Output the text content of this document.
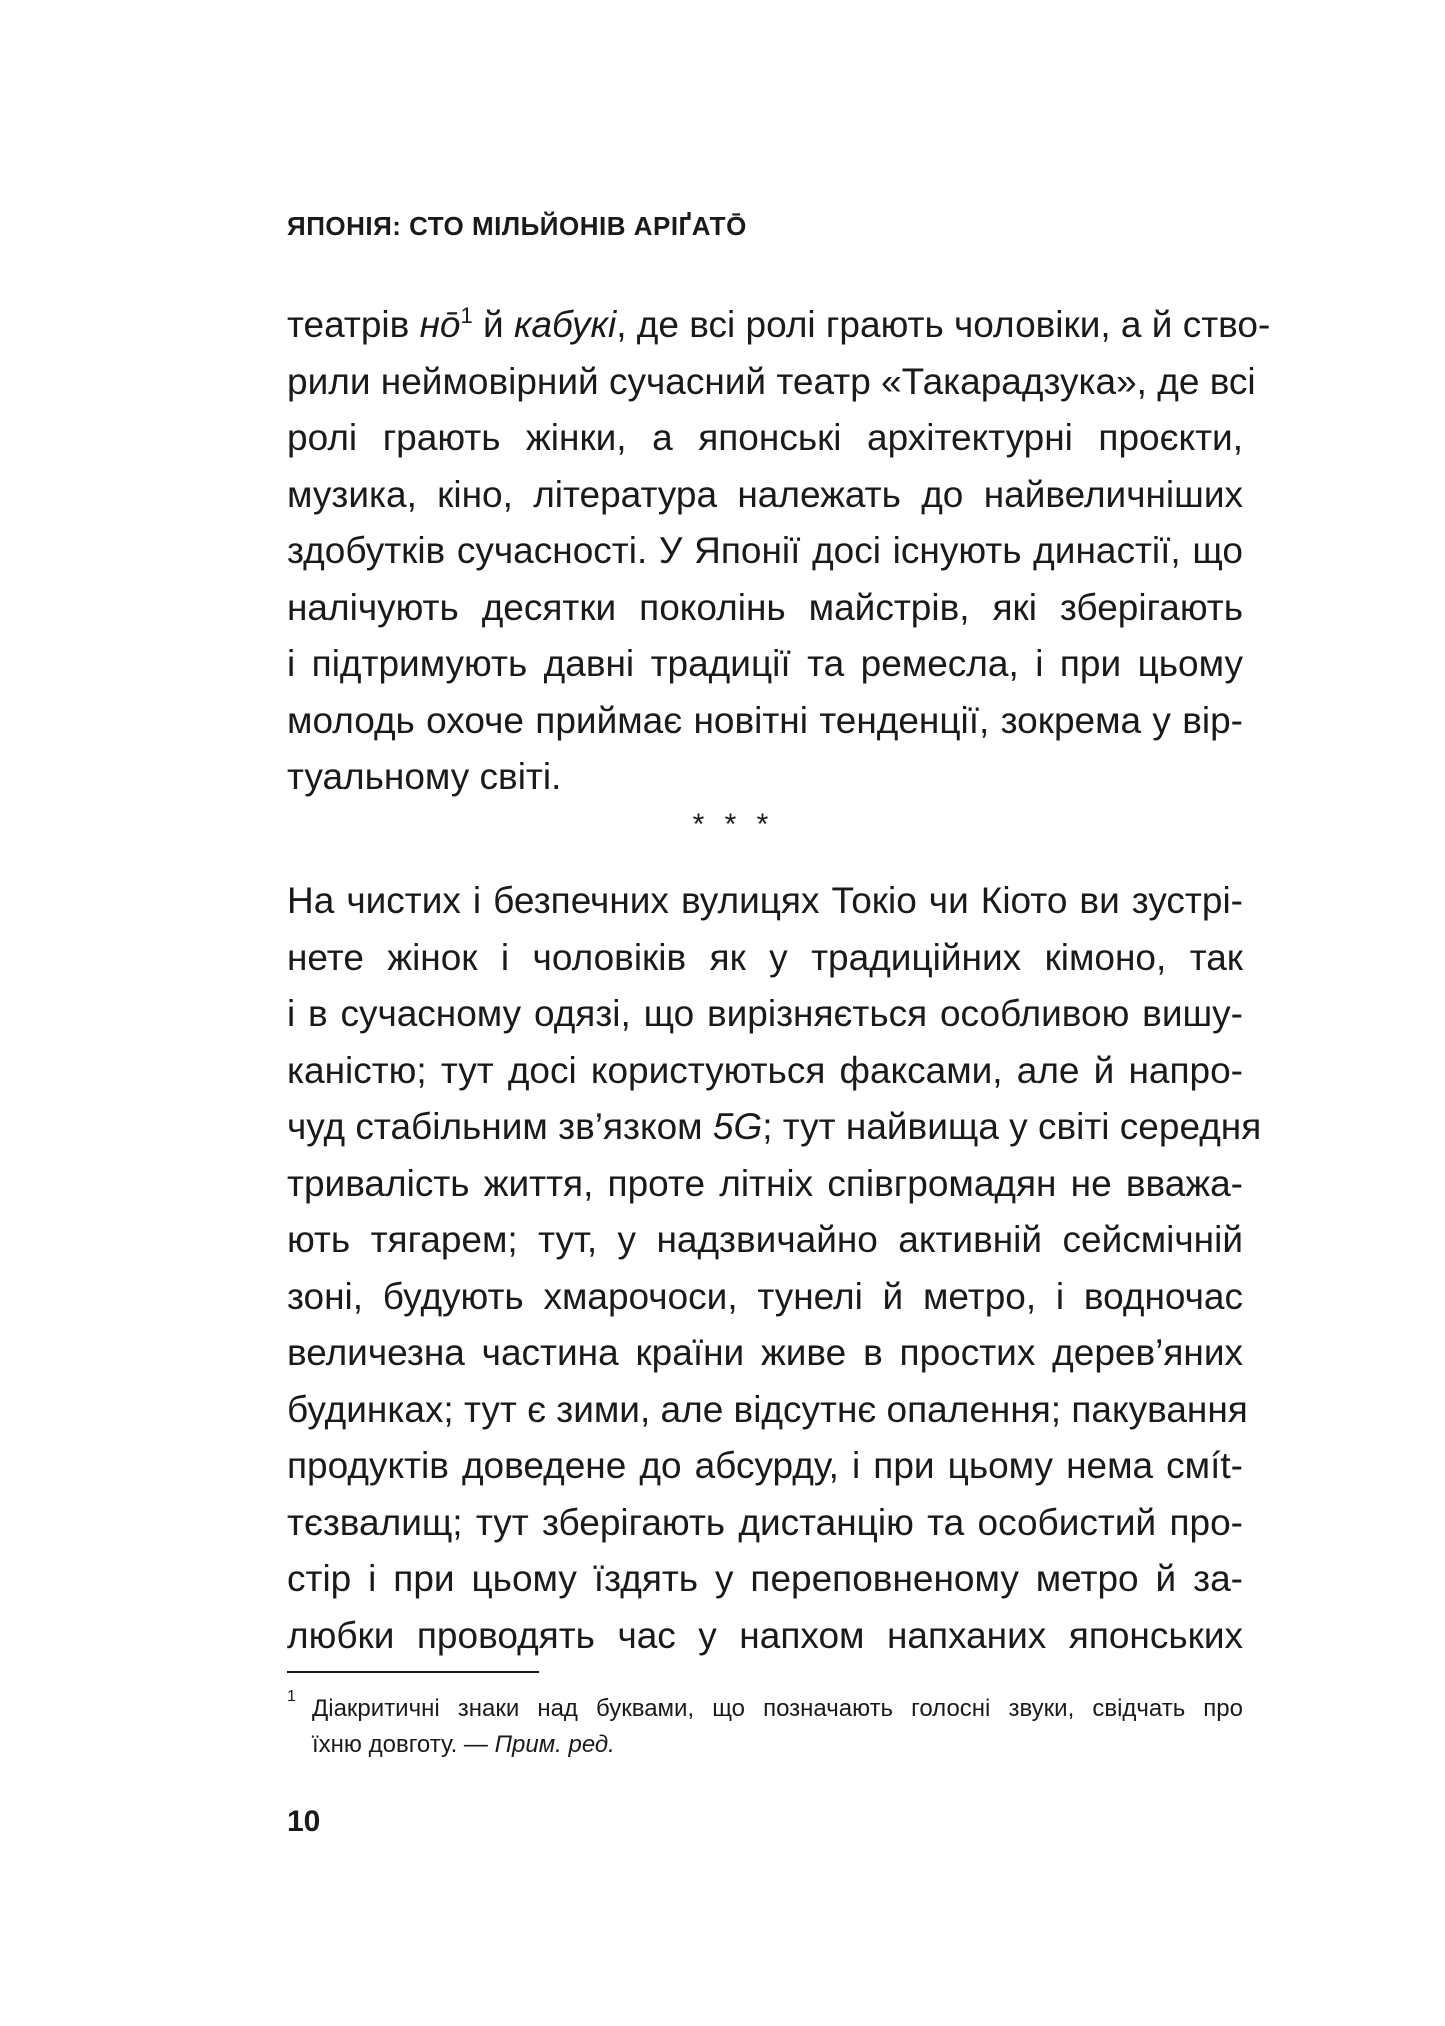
ЯПОНІЯ: СТО МІЛЬЙОНІВ АРІҐАТŌ
театрів $нō^1$ й кабукі, де всі ролі грають чоловіки, а й ство-
рили неймовірний сучасний театр «Такарадзука», де всі
ролі грають жінки, а японські архітектурні проєкти,
музика, кіно, література належать до найвеличніших
здобутків сучасності. У Японії досі існують династії, що
налічують десятки поколінь майстрів, які зберігають
і підтримують давні традиції та ремесла, і при цьому
молодь охоче приймає новітні тенденції, зокрема у вір-
туальному світі.
* * *
На чистих і безпечних вулицях Токіо чи Кіото ви зустрі-
нете жінок і чоловіків як у традиційних кімоно, так
і в сучасному одязі, що вирізняється особливою вишу-
каністю; тут досі користуються факсами, але й напро-
чуд стабільним зв’язком 5G; тут найвища у світі середня
тривалість життя, проте літніх співгромадян не вважа-
ють тягарем; тут, у надзвичайно активній сейсмічній
зоні, будують хмарочоси, тунелі й метро, і водночас
величезна частина країни живе в простих дерев’яних
будинках; тут є зими, але відсутнє опалення; пакування
продуктів доведене до абсурду, і при цьому нема смít-
тєзвалищ; тут зберігають дистанцію та особистий про-
стір і при цьому їздять у переповненому метро й за-
любки проводять час у напхом напханих японських
1 Діакритичні знаки над буквами, що позначають голосні звуки, свідчать про
їхню довготу. — Прим. ред.
10
